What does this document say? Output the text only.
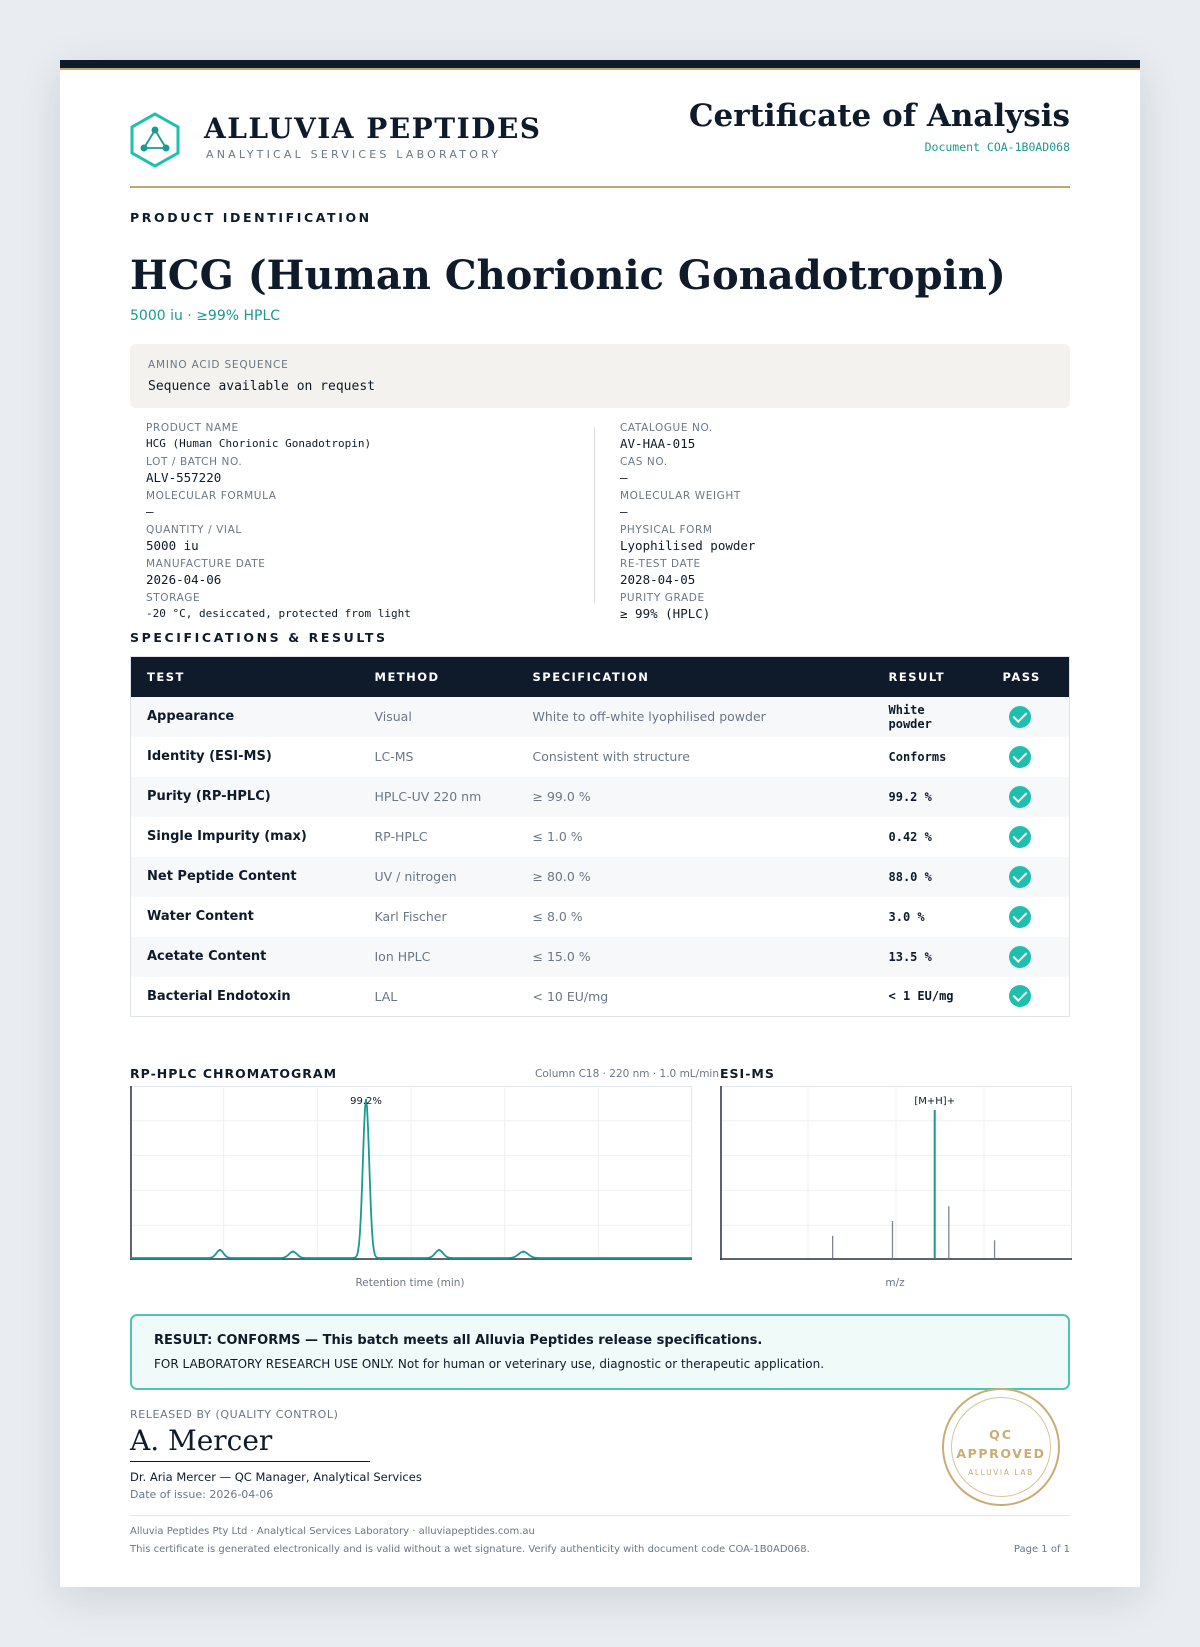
ALLUVIA PEPTIDES
ANALYTICAL SERVICES LABORATORY
Certificate of Analysis
Document COA-1B0AD068
PRODUCT IDENTIFICATION
HCG (Human Chorionic Gonadotropin)
5000 iu · ≥99% HPLC
AMINO ACID SEQUENCE
Sequence available on request
PRODUCT NAME
HCG (Human Chorionic Gonadotropin)
LOT / BATCH NO.
ALV-557220
MOLECULAR FORMULA
—
QUANTITY / VIAL
5000 iu
MANUFACTURE DATE
2026-04-06
STORAGE
-20 °C, desiccated, protected from light
CATALOGUE NO.
AV-HAA-015
CAS NO.
—
MOLECULAR WEIGHT
—
PHYSICAL FORM
Lyophilised powder
RE-TEST DATE
2028-04-05
PURITY GRADE
≥ 99% (HPLC)
SPECIFICATIONS & RESULTS
TEST	METHOD	SPECIFICATION	RESULT	PASS
Appearance	Visual	White to off-white lyophilised powder	White powder	
Identity (ESI-MS)	LC-MS	Consistent with structure	Conforms	
Purity (RP-HPLC)	HPLC-UV 220 nm	≥ 99.0 %	99.2 %	
Single Impurity (max)	RP-HPLC	≤ 1.0 %	0.42 %	
Net Peptide Content	UV / nitrogen	≥ 80.0 %	88.0 %	
Water Content	Karl Fischer	≤ 8.0 %	3.0 %	
Acetate Content	Ion HPLC	≤ 15.0 %	13.5 %	
Bacterial Endotoxin	LAL	< 10 EU/mg	< 1 EU/mg	
RP-HPLC CHROMATOGRAM	Column C18 · 220 nm · 1.0 mL/min
99.2%
Retention time (min)
ESI-MS
[M+H]+
m/z
RESULT: CONFORMS — This batch meets all Alluvia Peptides release specifications.
FOR LABORATORY RESEARCH USE ONLY. Not for human or veterinary use, diagnostic or therapeutic application.
RELEASED BY (QUALITY CONTROL)
A. Mercer
Dr. Aria Mercer — QC Manager, Analytical Services
Date of issue: 2026-04-06
QC
APPROVED
ALLUVIA LAB
Alluvia Peptides Pty Ltd · Analytical Services Laboratory · alluviapeptides.com.au
This certificate is generated electronically and is valid without a wet signature. Verify authenticity with document code COA-1B0AD068.	Page 1 of 1
